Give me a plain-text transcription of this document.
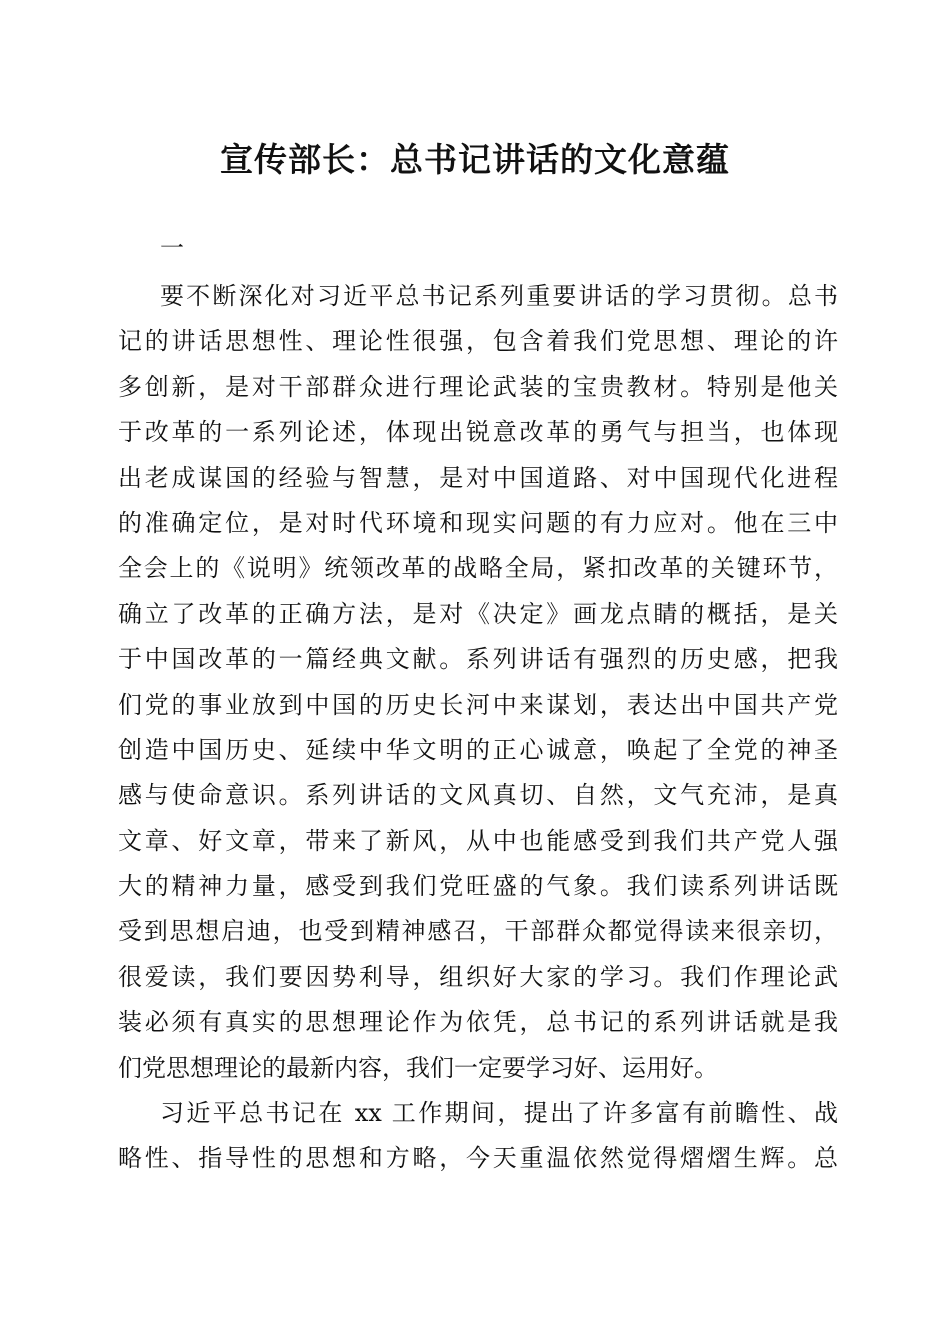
宣传部长：总书记讲话的文化意蕴
一

要不断深化对习近平总书记系列重要讲话的学习贯彻。总书
记的讲话思想性、理论性很强，包含着我们党思想、理论的许
多创新，是对干部群众进行理论武装的宝贵教材。特别是他关
于改革的一系列论述，体现出锐意改革的勇气与担当，也体现
出老成谋国的经验与智慧，是对中国道路、对中国现代化进程
的准确定位，是对时代环境和现实问题的有力应对。他在三中
全会上的《说明》统领改革的战略全局，紧扣改革的关键环节，
确立了改革的正确方法，是对《决定》画龙点睛的概括，是关
于中国改革的一篇经典文献。系列讲话有强烈的历史感，把我
们党的事业放到中国的历史长河中来谋划，表达出中国共产党
创造中国历史、延续中华文明的正心诚意，唤起了全党的神圣
感与使命意识。系列讲话的文风真切、自然，文气充沛，是真
文章、好文章，带来了新风，从中也能感受到我们共产党人强
大的精神力量，感受到我们党旺盛的气象。我们读系列讲话既
受到思想启迪，也受到精神感召，干部群众都觉得读来很亲切，
很爱读，我们要因势利导，组织好大家的学习。我们作理论武
装必须有真实的思想理论作为依凭，总书记的系列讲话就是我
们党思想理论的最新内容，我们一定要学习好、运用好。

习近平总书记在 xx 工作期间，提出了许多富有前瞻性、战
略性、指导性的思想和方略，今天重温依然觉得熠熠生辉。总
